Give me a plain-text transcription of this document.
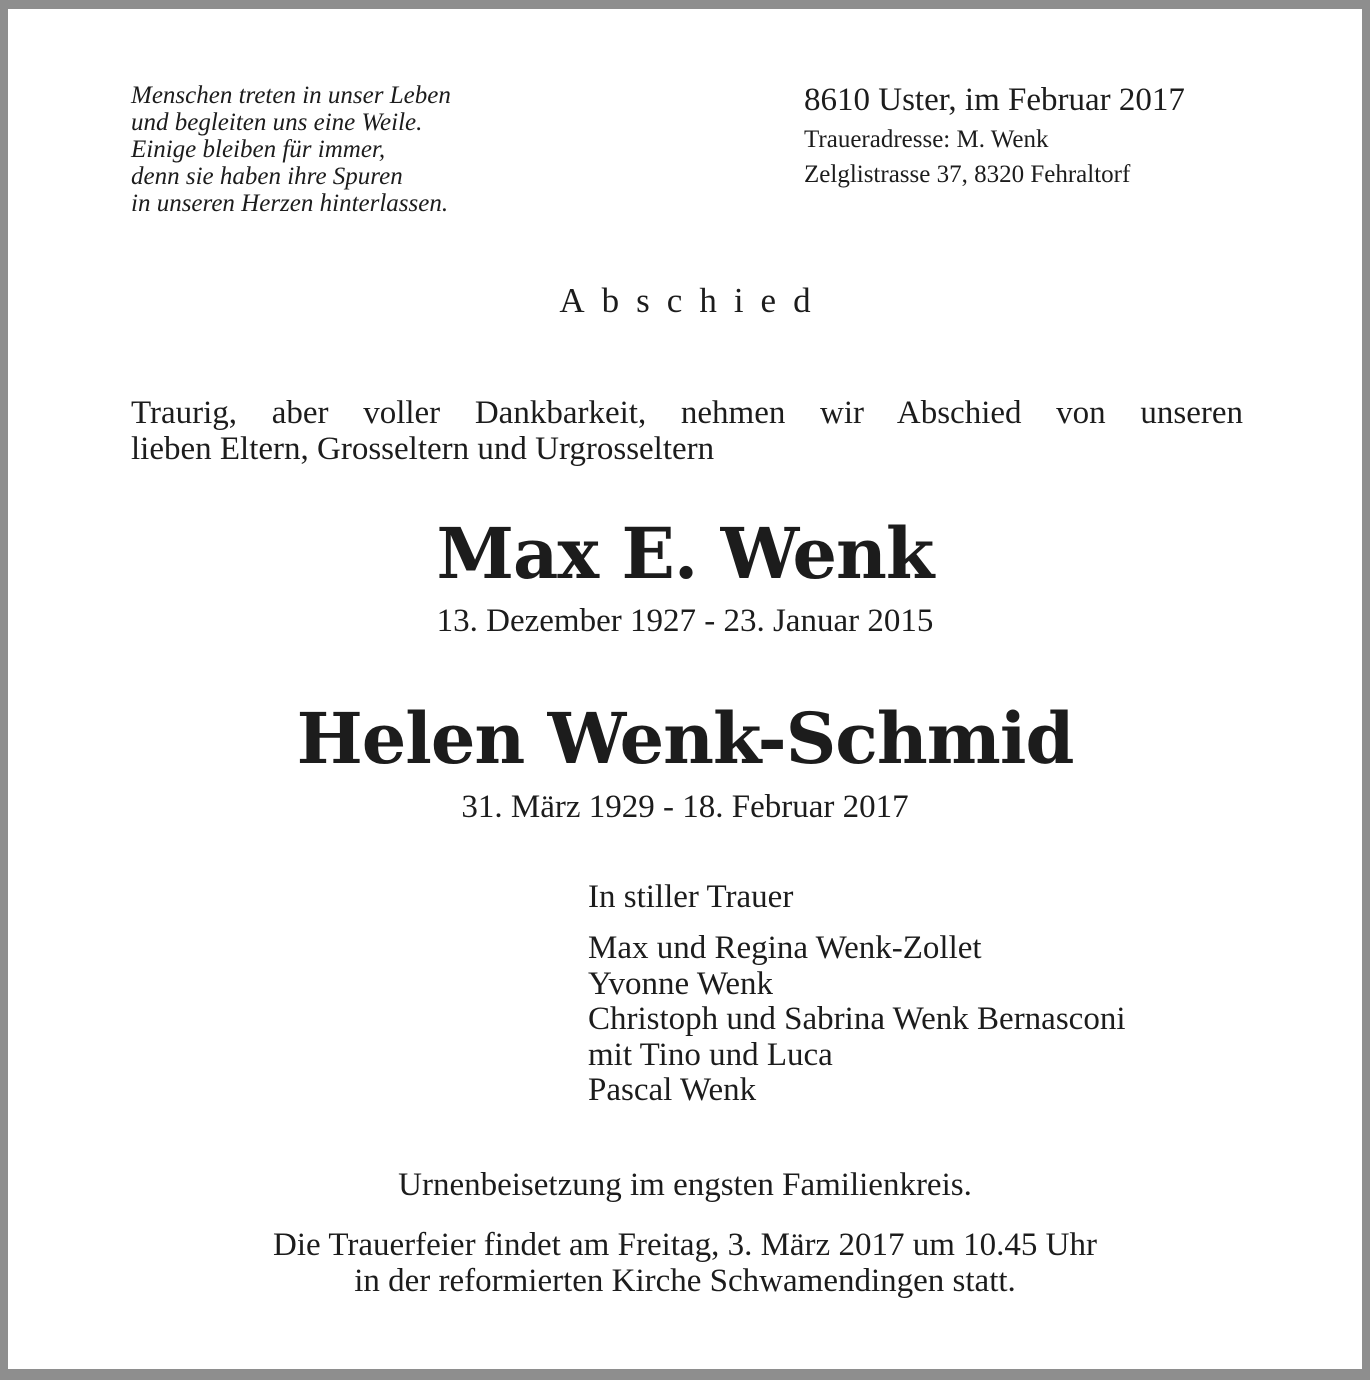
Menschen treten in unser Leben
und begleiten uns eine Weile.
Einige bleiben für immer,
denn sie haben ihre Spuren
in unseren Herzen hinterlassen.
8610 Uster, im Februar 2017
Traueradresse: M. Wenk
Zelglistrasse 37, 8320 Fehraltorf
Abschied
Traurig, aber voller Dankbarkeit, nehmen wir Abschied von unseren
lieben Eltern, Grosseltern und Urgrosseltern
Max E. Wenk
13. Dezember 1927 - 23. Januar 2015
Helen Wenk-Schmid
31. März 1929 - 18. Februar 2017
In stiller Trauer
Max und Regina Wenk-Zollet
Yvonne Wenk
Christoph und Sabrina Wenk Bernasconi
mit Tino und Luca
Pascal Wenk
Urnenbeisetzung im engsten Familienkreis.
Die Trauerfeier findet am Freitag, 3. März 2017 um 10.45 Uhr
in der reformierten Kirche Schwamendingen statt.
